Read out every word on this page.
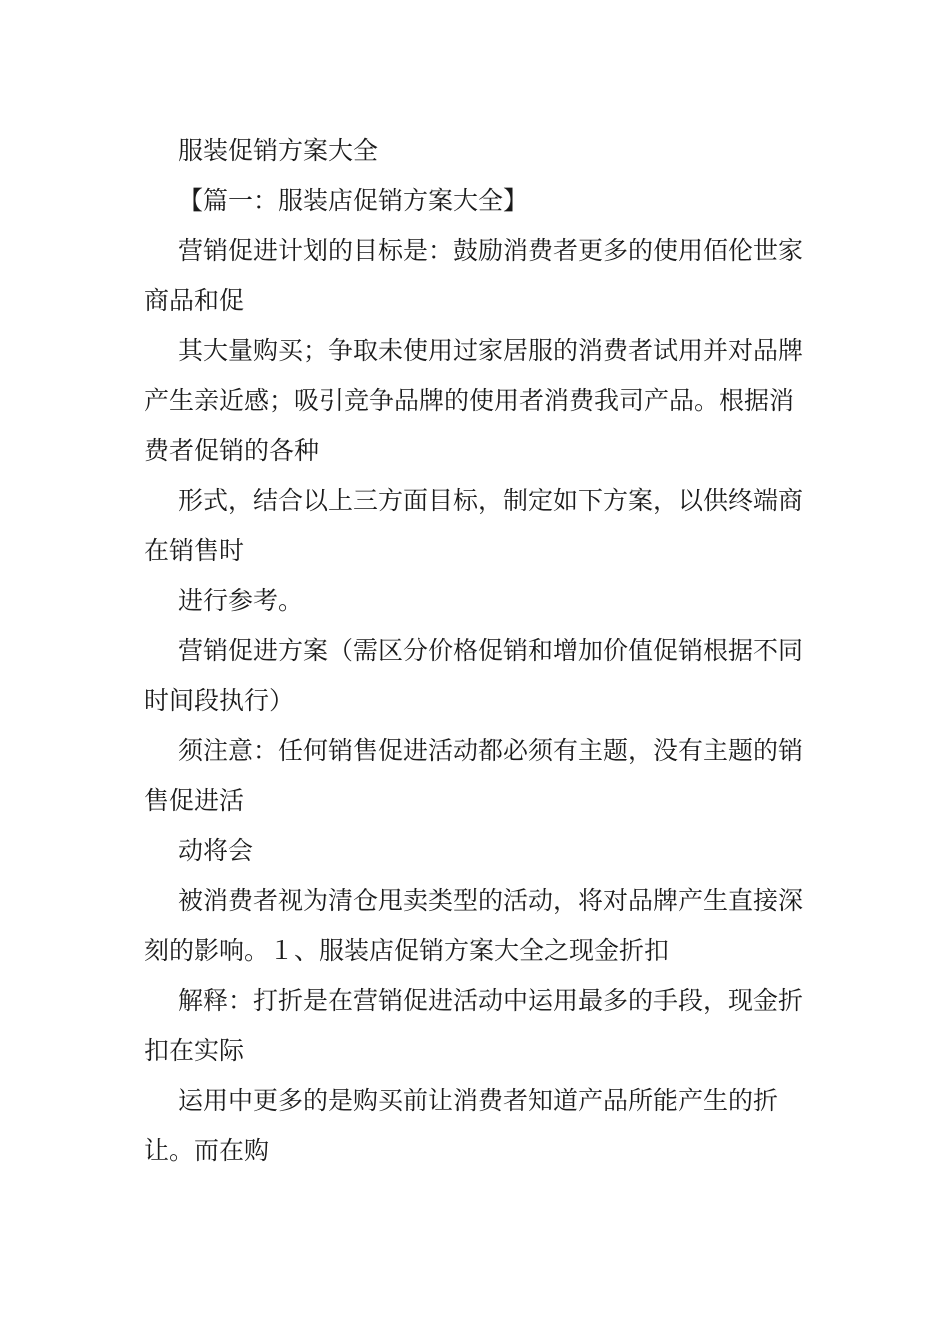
服装促销方案大全

【篇一：服装店促销方案大全】

营销促进计划的目标是：鼓励消费者更多的使用佰伦世家商品和促

其大量购买；争取未使用过家居服的消费者试用并对品牌产生亲近感；吸引竞争品牌的使用者消费我司产品。根据消费者促销的各种

形式，结合以上三方面目标，制定如下方案，以供终端商在销售时

进行参考。

营销促进方案（需区分价格促销和增加价值促销根据不同时间段执行）

须注意：任何销售促进活动都必须有主题，没有主题的销售促进活

动将会

被消费者视为清仓甩卖类型的活动，将对品牌产生直接深刻的影响。１、服装店促销方案大全之现金折扣

解释：打折是在营销促进活动中运用最多的手段，现金折扣在实际

运用中更多的是购买前让消费者知道产品所能产生的折让。而在购
